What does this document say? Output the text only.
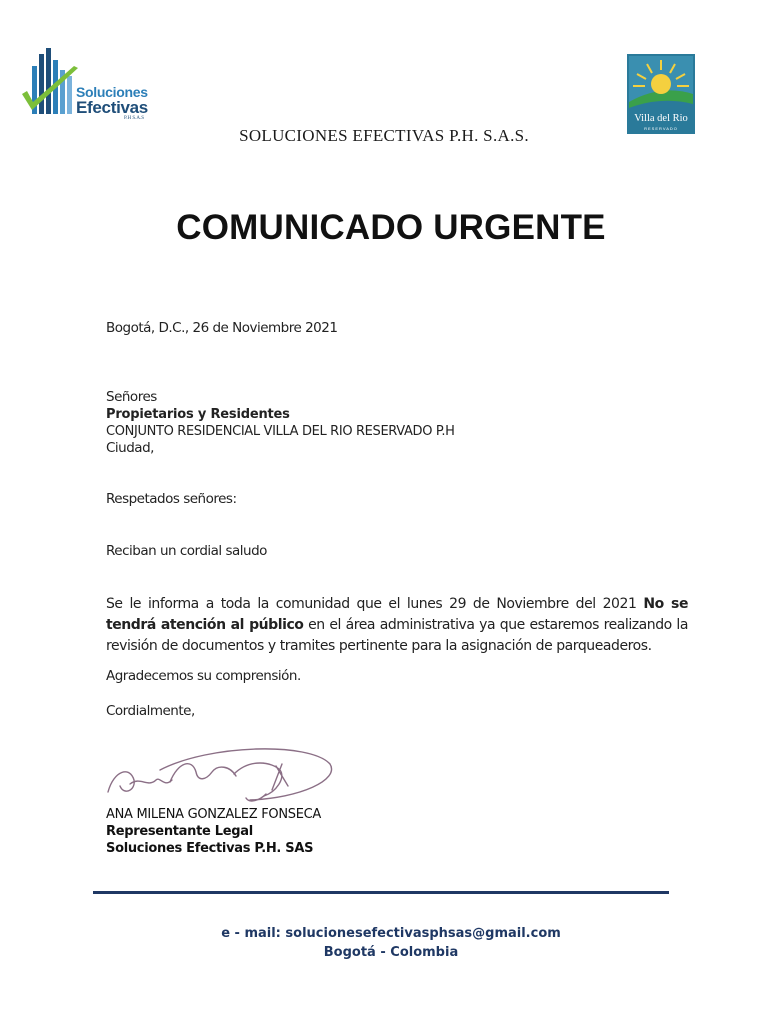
Soluciones
Efectivas
P.H S.A.S	Villa del Rio
RESERVADO
SOLUCIONES EFECTIVAS P.H. S.A.S.
COMUNICADO URGENTE
Bogotá, D.C., 26 de Noviembre 2021
Señores
Propietarios y Residentes
CONJUNTO RESIDENCIAL VILLA DEL RIO RESERVADO P.H
Ciudad,
Respetados señores:
Reciban un cordial saludo
Se le informa a toda la comunidad que el lunes 29 de Noviembre del 2021 No se tendrá atención al público en el área administrativa ya que estaremos realizando la revisión de documentos y tramites pertinente para la asignación de parqueaderos.
Agradecemos su comprensión.
Cordialmente,
ANA MILENA GONZALEZ FONSECA
Representante Legal
Soluciones Efectivas P.H. SAS
e - mail: solucionesefectivasphsas@gmail.com
Bogotá - Colombia
